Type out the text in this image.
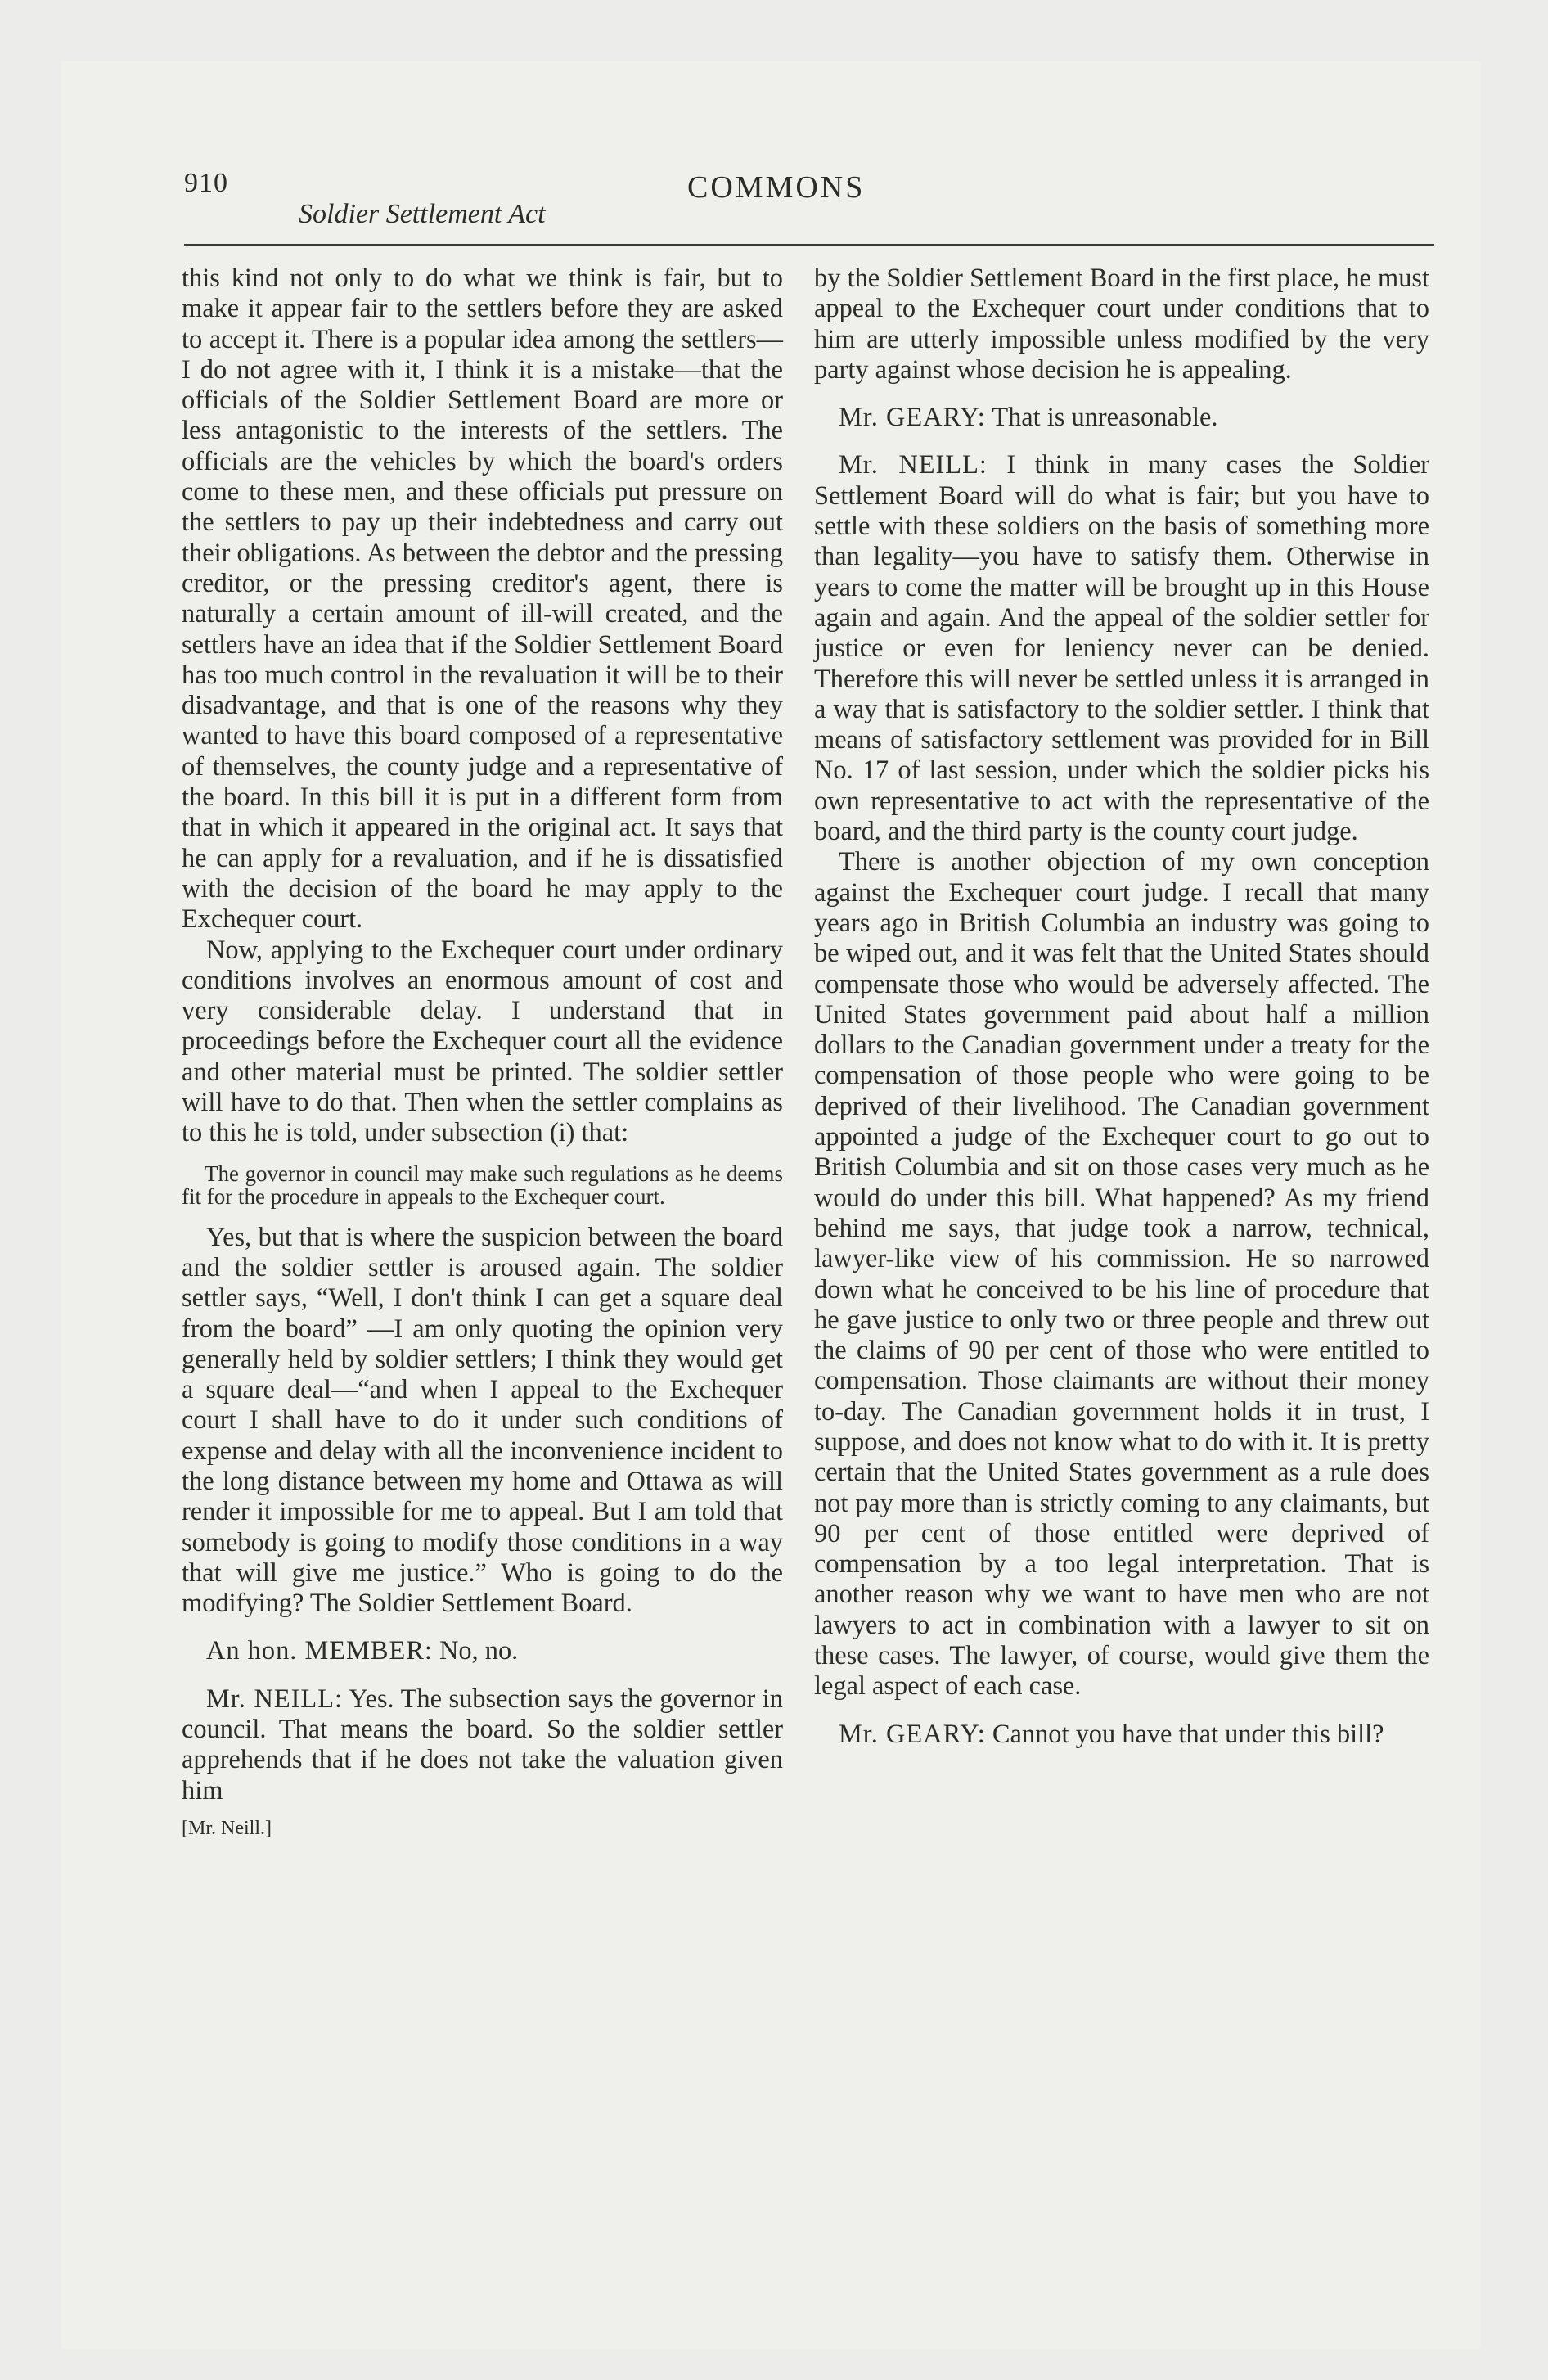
910	COMMONS
Soldier Settlement Act

this kind not only to do what we think is fair, but to make it appear fair to the settlers before they are asked to accept it. There is a popular idea among the settlers—I do not agree with it, I think it is a mistake—that the officials of the Soldier Settlement Board are more or less antagonistic to the interests of the settlers. The officials are the vehicles by which the board's orders come to these men, and these officials put pressure on the settlers to pay up their indebtedness and carry out their obligations. As between the debtor and the pressing creditor, or the pressing creditor's agent, there is naturally a certain amount of ill-will created, and the settlers have an idea that if the Soldier Settlement Board has too much control in the revaluation it will be to their disadvantage, and that is one of the reasons why they wanted to have this board composed of a representative of themselves, the county judge and a representative of the board. In this bill it is put in a different form from that in which it appeared in the original act. It says that he can apply for a revaluation, and if he is dissatisfied with the decision of the board he may apply to the Exchequer court.

Now, applying to the Exchequer court under ordinary conditions involves an enormous amount of cost and very considerable delay. I understand that in proceedings before the Exchequer court all the evidence and other material must be printed. The soldier settler will have to do that. Then when the settler complains as to this he is told, under subsection (i) that:

The governor in council may make such regulations as he deems fit for the procedure in appeals to the Exchequer court.

Yes, but that is where the suspicion between the board and the soldier settler is aroused again. The soldier settler says, “Well, I don't think I can get a square deal from the board” —I am only quoting the opinion very generally held by soldier settlers; I think they would get a square deal—“and when I appeal to the Exchequer court I shall have to do it under such conditions of expense and delay with all the inconvenience incident to the long distance between my home and Ottawa as will render it impossible for me to appeal. But I am told that somebody is going to modify those conditions in a way that will give me justice.” Who is going to do the modifying? The Soldier Settlement Board.

An hon. MEMBER: No, no.

Mr. NEILL: Yes. The subsection says the governor in council. That means the board. So the soldier settler apprehends that if he does not take the valuation given him

[Mr. Neill.]

by the Soldier Settlement Board in the first place, he must appeal to the Exchequer court under conditions that to him are utterly impossible unless modified by the very party against whose decision he is appealing.

Mr. GEARY: That is unreasonable.

Mr. NEILL: I think in many cases the Soldier Settlement Board will do what is fair; but you have to settle with these soldiers on the basis of something more than legality—you have to satisfy them. Otherwise in years to come the matter will be brought up in this House again and again. And the appeal of the soldier settler for justice or even for leniency never can be denied. Therefore this will never be settled unless it is arranged in a way that is satisfactory to the soldier settler. I think that means of satisfactory settlement was provided for in Bill No. 17 of last session, under which the soldier picks his own representative to act with the representative of the board, and the third party is the county court judge.

There is another objection of my own conception against the Exchequer court judge. I recall that many years ago in British Columbia an industry was going to be wiped out, and it was felt that the United States should compensate those who would be adversely affected. The United States government paid about half a million dollars to the Canadian government under a treaty for the compensation of those people who were going to be deprived of their livelihood. The Canadian government appointed a judge of the Exchequer court to go out to British Columbia and sit on those cases very much as he would do under this bill. What happened? As my friend behind me says, that judge took a narrow, technical, lawyer-like view of his commission. He so narrowed down what he conceived to be his line of procedure that he gave justice to only two or three people and threw out the claims of 90 per cent of those who were entitled to compensation. Those claimants are without their money to-day. The Canadian government holds it in trust, I suppose, and does not know what to do with it. It is pretty certain that the United States government as a rule does not pay more than is strictly coming to any claimants, but 90 per cent of those entitled were deprived of compensation by a too legal interpretation. That is another reason why we want to have men who are not lawyers to act in combination with a lawyer to sit on these cases. The lawyer, of course, would give them the legal aspect of each case.

Mr. GEARY: Cannot you have that under this bill?
